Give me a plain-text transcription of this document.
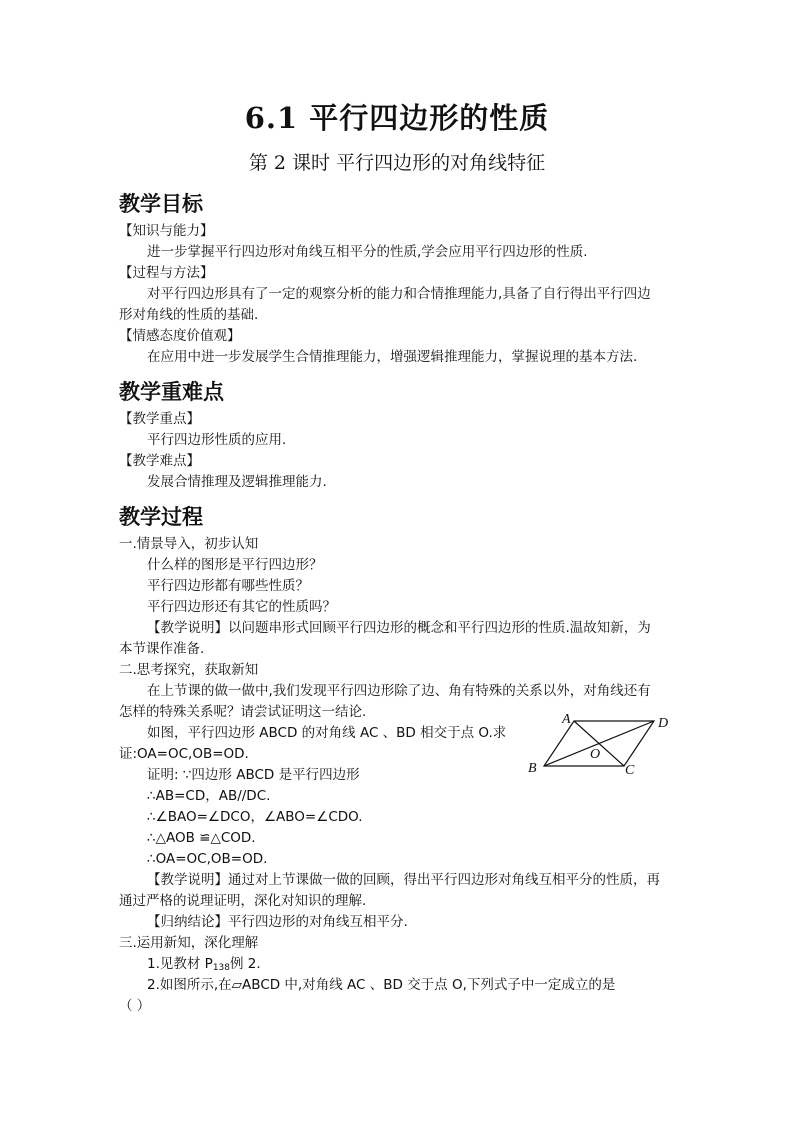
6.1 平行四边形的性质
第 2 课时 平行四边形的对角线特征
教学目标
【知识与能力】
进一步掌握平行四边形对角线互相平分的性质,学会应用平行四边形的性质.
【过程与方法】
对平行四边形具有了一定的观察分析的能力和合情推理能力,具备了自行得出平行四边
形对角线的性质的基础.
【情感态度价值观】
在应用中进一步发展学生合情推理能力，增强逻辑推理能力，掌握说理的基本方法.
教学重难点
【教学重点】
平行四边形性质的应用.
【教学难点】
发展合情推理及逻辑推理能力.
教学过程
一.情景导入，初步认知
什么样的图形是平行四边形？
平行四边形都有哪些性质？
平行四边形还有其它的性质吗？
【教学说明】以问题串形式回顾平行四边形的概念和平行四边形的性质.温故知新，为
本节课作准备.
二.思考探究，获取新知
在上节课的做一做中,我们发现平行四边形除了边、角有特殊的关系以外，对角线还有
怎样的特殊关系呢？请尝试证明这一结论.
如图，平行四边形 ABCD 的对角线 AC 、BD 相交于点 O.求
证:OA=OC,OB=OD.
证明: ∵四边形 ABCD 是平行四边形
∴AB=CD，AB//DC.
∴∠BAO=∠DCO，∠ABO=∠CDO.
∴△AOB ≌△COD.
∴OA=OC,OB=OD.
【教学说明】通过对上节课做一做的回顾，得出平行四边形对角线互相平分的性质，再
通过严格的说理证明，深化对知识的理解.
【归纳结论】平行四边形的对角线互相平分.
三.运用新知，深化理解
1.见教材 $P_{138}$例 2.
2.如图所示,在▱ABCD 中,对角线 AC 、BD 交于点 O,下列式子中一定成立的是
（ ）
A	D
B	C
O
